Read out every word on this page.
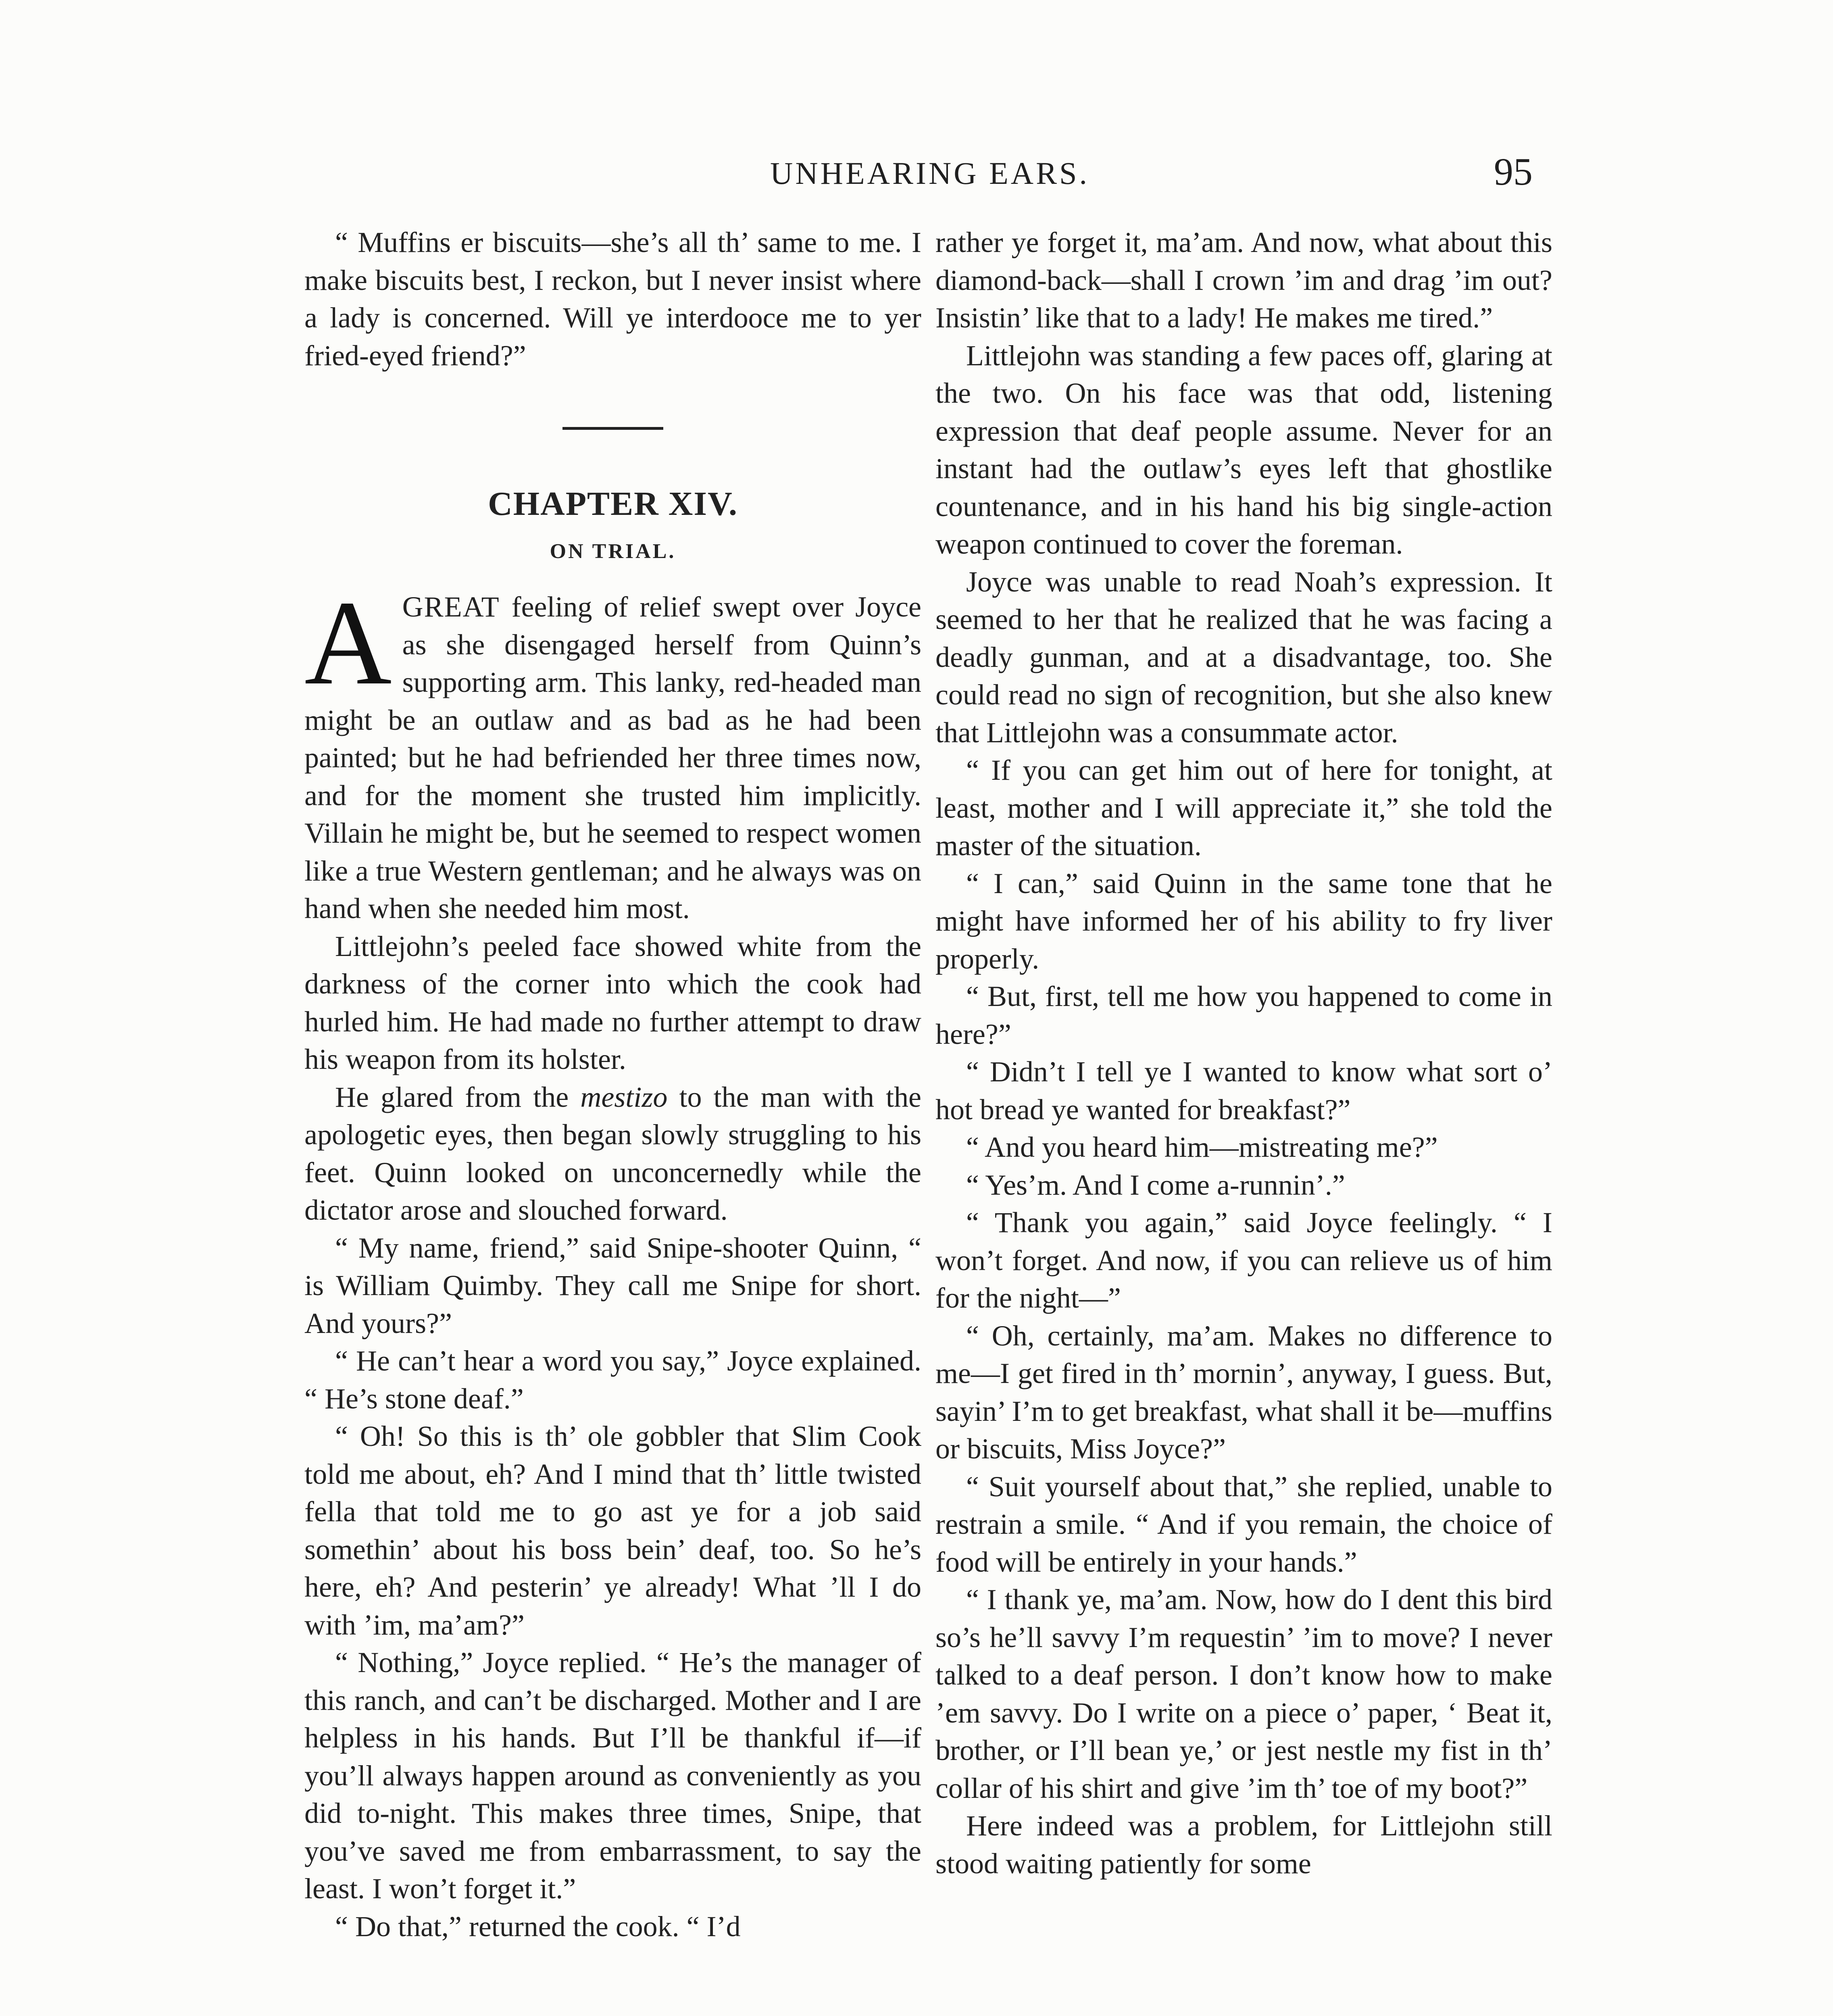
UNHEARING EARS.	95

“ Muffins er biscuits—she’s all th’ same to me. I make biscuits best, I reckon, but I never insist where a lady is concerned. Will ye interdooce me to yer fried-eyed friend?”

CHAPTER XIV.
ON TRIAL.

AGREAT feeling of relief swept over Joyce as she disengaged herself from Quinn’s supporting arm. This lanky, red-headed man might be an outlaw and as bad as he had been painted; but he had befriended her three times now, and for the moment she trusted him implicitly. Villain he might be, but he seemed to respect women like a true Western gentleman; and he always was on hand when she needed him most.

Littlejohn’s peeled face showed white from the darkness of the corner into which the cook had hurled him. He had made no further attempt to draw his weapon from its holster.

He glared from the mestizo to the man with the apologetic eyes, then began slowly struggling to his feet. Quinn looked on unconcernedly while the dictator arose and slouched forward.

“ My name, friend,” said Snipe-shooter Quinn, “ is William Quimby. They call me Snipe for short. And yours?”

“ He can’t hear a word you say,” Joyce explained. “ He’s stone deaf.”

“ Oh! So this is th’ ole gobbler that Slim Cook told me about, eh? And I mind that th’ little twisted fella that told me to go ast ye for a job said somethin’ about his boss bein’ deaf, too. So he’s here, eh? And pesterin’ ye already! What ’ll I do with ’im, ma’am?”

“ Nothing,” Joyce replied. “ He’s the manager of this ranch, and can’t be discharged. Mother and I are helpless in his hands. But I’ll be thankful if—if you’ll always happen around as conveniently as you did to-night. This makes three times, Snipe, that you’ve saved me from embarrassment, to say the least. I won’t forget it.”

“ Do that,” returned the cook. “ I’d

rather ye forget it, ma’am. And now, what about this diamond-back—shall I crown ’im and drag ’im out? Insistin’ like that to a lady! He makes me tired.”

Littlejohn was standing a few paces off, glaring at the two. On his face was that odd, listening expression that deaf people assume. Never for an instant had the outlaw’s eyes left that ghostlike countenance, and in his hand his big single-action weapon continued to cover the foreman.

Joyce was unable to read Noah’s expression. It seemed to her that he realized that he was facing a deadly gunman, and at a disadvantage, too. She could read no sign of recognition, but she also knew that Littlejohn was a consummate actor.

“ If you can get him out of here for tonight, at least, mother and I will appreciate it,” she told the master of the situation.

“ I can,” said Quinn in the same tone that he might have informed her of his ability to fry liver properly.

“ But, first, tell me how you happened to come in here?”

“ Didn’t I tell ye I wanted to know what sort o’ hot bread ye wanted for breakfast?”

“ And you heard him—mistreating me?”

“ Yes’m. And I come a-runnin’.”

“ Thank you again,” said Joyce feelingly. “ I won’t forget. And now, if you can relieve us of him for the night—”

“ Oh, certainly, ma’am. Makes no difference to me—I get fired in th’ mornin’, anyway, I guess. But, sayin’ I’m to get breakfast, what shall it be—muffins or biscuits, Miss Joyce?”

“ Suit yourself about that,” she replied, unable to restrain a smile. “ And if you remain, the choice of food will be entirely in your hands.”

“ I thank ye, ma’am. Now, how do I dent this bird so’s he’ll savvy I’m requestin’ ’im to move? I never talked to a deaf person. I don’t know how to make ’em savvy. Do I write on a piece o’ paper, ‘ Beat it, brother, or I’ll bean ye,’ or jest nestle my fist in th’ collar of his shirt and give ’im th’ toe of my boot?”

Here indeed was a problem, for Littlejohn still stood waiting patiently for some
